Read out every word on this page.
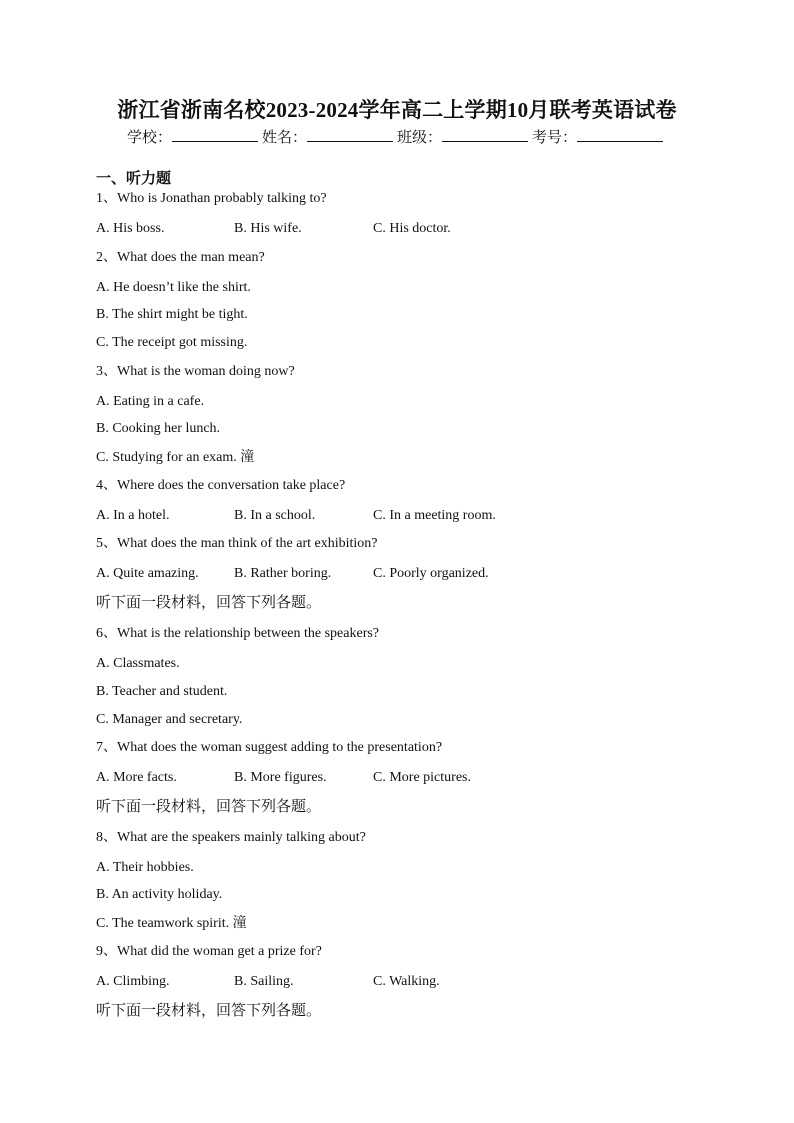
浙江省浙南名校2023-2024学年高二上学期10月联考英语试卷
学校：	姓名：	班级：	考号：
一、听力题
1、Who is Jonathan probably talking to?
A. His boss.	B. His wife.	C. His doctor.
2、What does the man mean?
A. He doesn’t like the shirt.
B. The shirt might be tight.
C. The receipt got missing.
3、What is the woman doing now?
A. Eating in a cafe.
B. Cooking her lunch.
C. Studying for an exam. 潼
4、Where does the conversation take place?
A. In a hotel.	B. In a school.	C. In a meeting room.
5、What does the man think of the art exhibition?
A. Quite amazing.	B. Rather boring.	C. Poorly organized.
听下面一段材料，回答下列各题。
6、What is the relationship between the speakers?
A. Classmates.
B. Teacher and student.
C. Manager and secretary.
7、What does the woman suggest adding to the presentation?
A. More facts.	B. More figures.	C. More pictures.
听下面一段材料，回答下列各题。
8、What are the speakers mainly talking about?
A. Their hobbies.
B. An activity holiday.
C. The teamwork spirit. 潼
9、What did the woman get a prize for?
A. Climbing.	B. Sailing.	C. Walking.
听下面一段材料，回答下列各题。
